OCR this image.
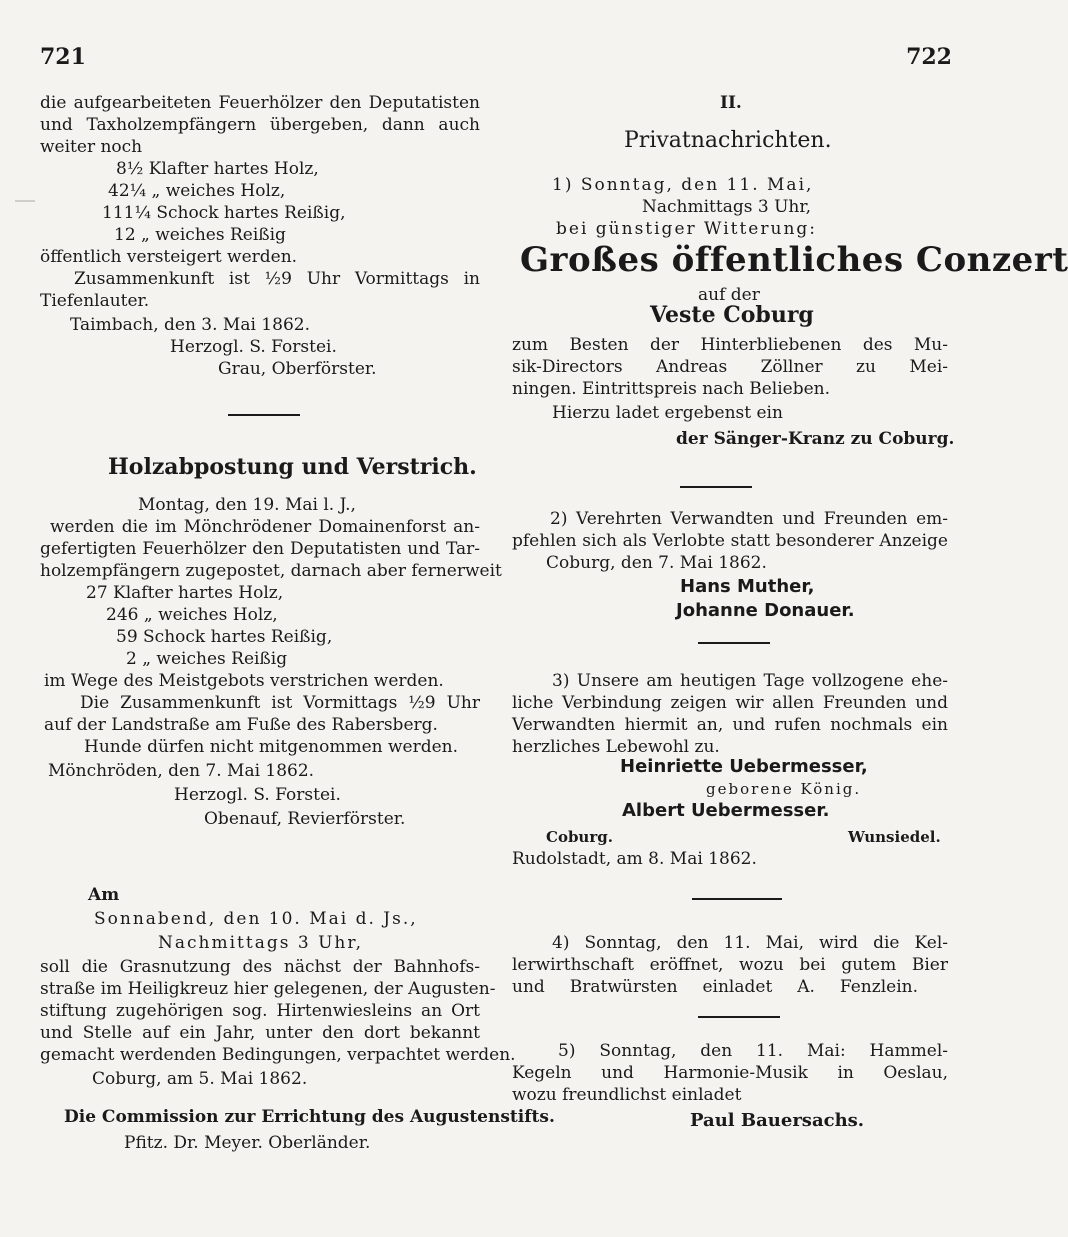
721
die aufgearbeiteten Feuerhölzer den Deputatisten
und Taxholzempfängern übergeben, dann auch
weiter noch
8½ Klafter hartes Holz,
42¼ „ weiches Holz,
111¼ Schock hartes Reißig,
12 „ weiches Reißig
öffentlich versteigert werden.
Zusammenkunft ist ½9 Uhr Vormittags in
Tiefenlauter.
Taimbach, den 3. Mai 1862.
Herzogl. S. Forstei.
Grau, Oberförster.
Holzabpostung und Verstrich.
Montag, den 19. Mai l. J.,
werden die im Mönchrödener Domainenforst an-
gefertigten Feuerhölzer den Deputatisten und Tar-
holzempfängern zugepostet, darnach aber fernerweit
27 Klafter hartes Holz,
246 „ weiches Holz,
59 Schock hartes Reißig,
2 „ weiches Reißig
im Wege des Meistgebots verstrichen werden.
Die Zusammenkunft ist Vormittags ½9 Uhr
auf der Landstraße am Fuße des Rabersberg.
Hunde dürfen nicht mitgenommen werden.
Mönchröden, den 7. Mai 1862.
Herzogl. S. Forstei.
Obenauf, Revierförster.
Am
Sonnabend, den 10. Mai d. Js.,
Nachmittags 3 Uhr,
soll die Grasnutzung des nächst der Bahnhofs-
straße im Heiligkreuz hier gelegenen, der Augusten-
stiftung zugehörigen sog. Hirtenwiesleins an Ort
und Stelle auf ein Jahr, unter den dort bekannt
gemacht werdenden Bedingungen, verpachtet werden.
Coburg, am 5. Mai 1862.
Die Commission zur Errichtung des Augustenstifts.
Pfitz. Dr. Meyer. Oberländer.
722
II.
Privatnachrichten.
1) Sonntag, den 11. Mai,
Nachmittags 3 Uhr,
bei günstiger Witterung:
Großes öffentliches Conzert
auf der
Veste Coburg
zum Besten der Hinterbliebenen des Mu-
sik-Directors Andreas Zöllner zu Mei-
ningen. Eintrittspreis nach Belieben.
Hierzu ladet ergebenst ein
der Sänger-Kranz zu Coburg.
2) Verehrten Verwandten und Freunden em-
pfehlen sich als Verlobte statt besonderer Anzeige
Coburg, den 7. Mai 1862.
Hans Muther,
Johanne Donauer.
3) Unsere am heutigen Tage vollzogene ehe-
liche Verbindung zeigen wir allen Freunden und
Verwandten hiermit an, und rufen nochmals ein
herzliches Lebewohl zu.
Heinriette Uebermesser,
geborene König.
Albert Uebermesser.
Coburg.	Wunsiedel.
Rudolstadt, am 8. Mai 1862.
4) Sonntag, den 11. Mai, wird die Kel-
lerwirthschaft eröffnet, wozu bei gutem Bier
und Bratwürsten einladet A. Fenzlein.
5) Sonntag, den 11. Mai: Hammel-
Kegeln und Harmonie-Musik in Oeslau,
wozu freundlichst einladet
Paul Bauersachs.
